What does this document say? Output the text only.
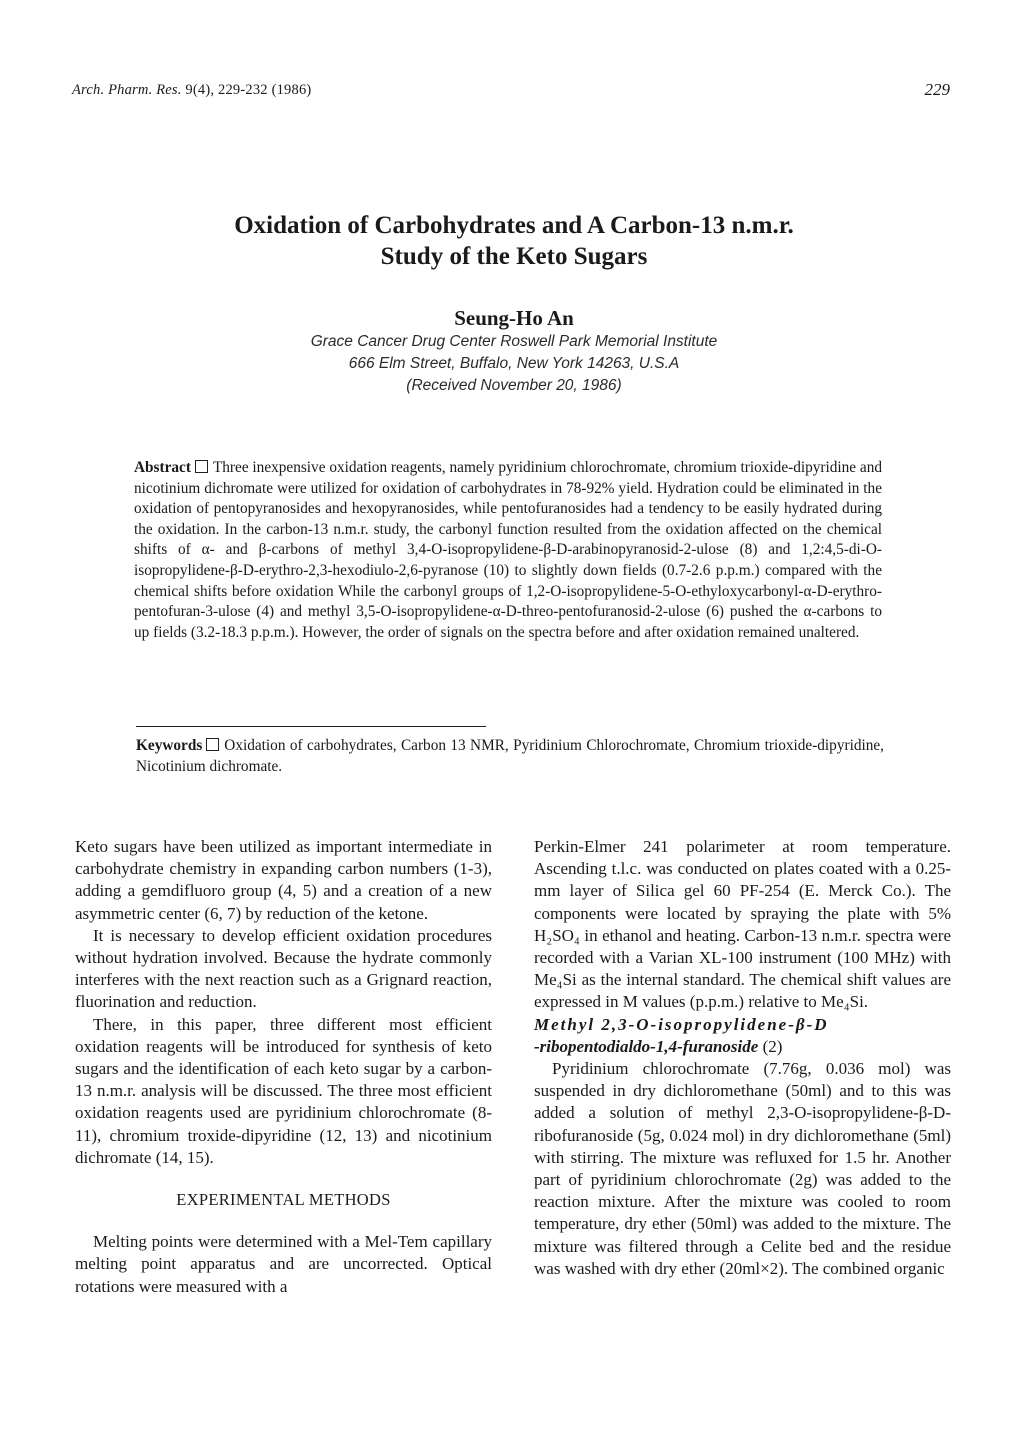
Arch. Pharm. Res. 9(4), 229-232 (1986)	229
Oxidation of Carbohydrates and A Carbon-13 n.m.r.
Study of the Keto Sugars
Seung-Ho An
Grace Cancer Drug Center Roswell Park Memorial Institute
666 Elm Street, Buffalo, New York 14263, U.S.A
(Received November 20, 1986)
Abstract Three inexpensive oxidation reagents, namely pyridinium chlorochromate, chromium trioxide-dipyridine and nicotinium dichromate were utilized for oxidation of carbohydrates in 78-92% yield. Hydration could be eliminated in the oxidation of pentopyranosides and hexopyranosides, while pentofuranosides had a tendency to be easily hydrated during the oxidation. In the carbon-13 n.m.r. study, the carbonyl function resulted from the oxidation affected on the chemical shifts of α- and β-carbons of methyl 3,4-O-isopropylidene-β-D-arabinopyranosid-2-ulose (8) and 1,2:4,5-di-O-isopropylidene-β-D-erythro-2,3-hexodiulo-2,6-pyranose (10) to slightly down fields (0.7-2.6 p.p.m.) compared with the chemical shifts before oxidation While the carbonyl groups of 1,2-O-isopropylidene-5-O-ethyloxycarbonyl-α-D-erythro-pentofuran-3-ulose (4) and methyl 3,5-O-isopropylidene-α-D-threo-pentofuranosid-2-ulose (6) pushed the α-carbons to up fields (3.2-18.3 p.p.m.). However, the order of signals on the spectra before and after oxidation remained unaltered.
Keywords Oxidation of carbohydrates, Carbon 13 NMR, Pyridinium Chlorochromate, Chromium trioxide-dipyridine, Nicotinium dichromate.

Keto sugars have been utilized as important intermediate in carbohydrate chemistry in expanding carbon numbers (1-3), adding a gemdifluoro group (4, 5) and a creation of a new asymmetric center (6, 7) by reduction of the ketone.

It is necessary to develop efficient oxidation procedures without hydration involved. Because the hydrate commonly interferes with the next reaction such as a Grignard reaction, fluorination and reduction.

There, in this paper, three different most efficient oxidation reagents will be introduced for synthesis of keto sugars and the identification of each keto sugar by a carbon-13 n.m.r. analysis will be discussed. The three most efficient oxidation reagents used are pyridinium chlorochromate (8-11), chromium troxide-dipyridine (12, 13) and nicotinium dichromate (14, 15).

EXPERIMENTAL METHODS

Melting points were determined with a Mel-Tem capillary melting point apparatus and are uncorrected. Optical rotations were measured with a

Perkin-Elmer 241 polarimeter at room temperature. Ascending t.l.c. was conducted on plates coated with a 0.25-mm layer of Silica gel 60 PF-254 (E. Merck Co.). The components were located by spraying the plate with 5% H₂SO₄ in ethanol and heating. Carbon-13 n.m.r. spectra were recorded with a Varian XL-100 instrument (100 MHz) with Me₄Si as the internal standard. The chemical shift values are expressed in M values (p.p.m.) relative to Me₄Si.

Methyl 2,3-O-isopropylidene-β-D
-ribopentodialdo-1,4-furanoside (2)

Pyridinium chlorochromate (7.76g, 0.036 mol) was suspended in dry dichloromethane (50ml) and to this was added a solution of methyl 2,3-O-isopropylidene-β-D-ribofuranoside (5g, 0.024 mol) in dry dichloromethane (5ml) with stirring. The mixture was refluxed for 1.5 hr. Another part of pyridinium chlorochromate (2g) was added to the reaction mixture. After the mixture was cooled to room temperature, dry ether (50ml) was added to the mixture. The mixture was filtered through a Celite bed and the residue was washed with dry ether (20ml×2). The combined organic
